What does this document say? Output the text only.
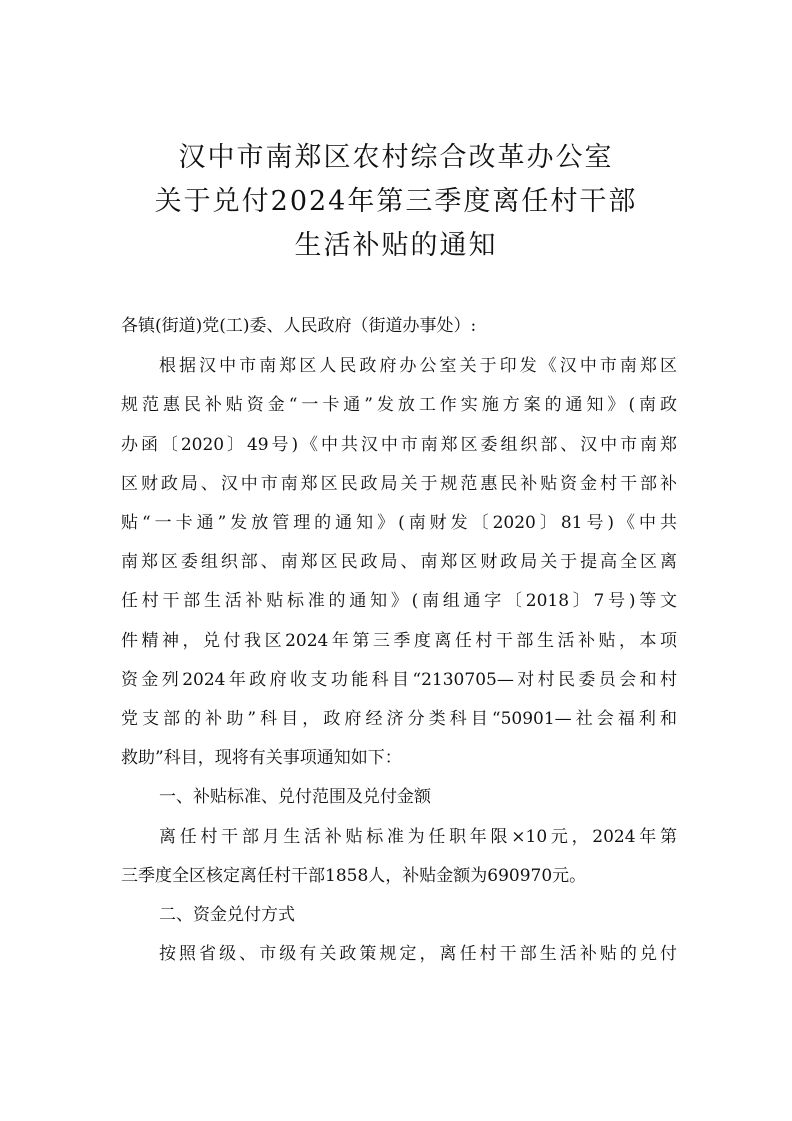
汉中市南郑区农村综合改革办公室
关于兑付2024年第三季度离任村干部
生活补贴的通知
各镇(街道)党(工)委、人民政府（街道办事处）:
根据汉中市南郑区人民政府办公室关于印发《汉中市南郑区
规范惠民补贴资金“一卡通”发放工作实施方案的通知》(南政
办函〔2020〕49号)《中共汉中市南郑区委组织部、汉中市南郑
区财政局、汉中市南郑区民政局关于规范惠民补贴资金村干部补
贴“一卡通”发放管理的通知》(南财发〔2020〕81号)《中共
南郑区委组织部、南郑区民政局、南郑区财政局关于提高全区离
任村干部生活补贴标准的通知》(南组通字〔2018〕7号)等文
件精神，兑付我区2024年第三季度离任村干部生活补贴，本项
资金列2024年政府收支功能科目“2130705—对村民委员会和村
党支部的补助”科目，政府经济分类科目“50901—社会福利和
救助”科目，现将有关事项通知如下：
一、补贴标准、兑付范围及兑付金额
离任村干部月生活补贴标准为任职年限×10元，2024年第
三季度全区核定离任村干部1858人，补贴金额为690970元。
二、资金兑付方式
按照省级、市级有关政策规定，离任村干部生活补贴的兑付
